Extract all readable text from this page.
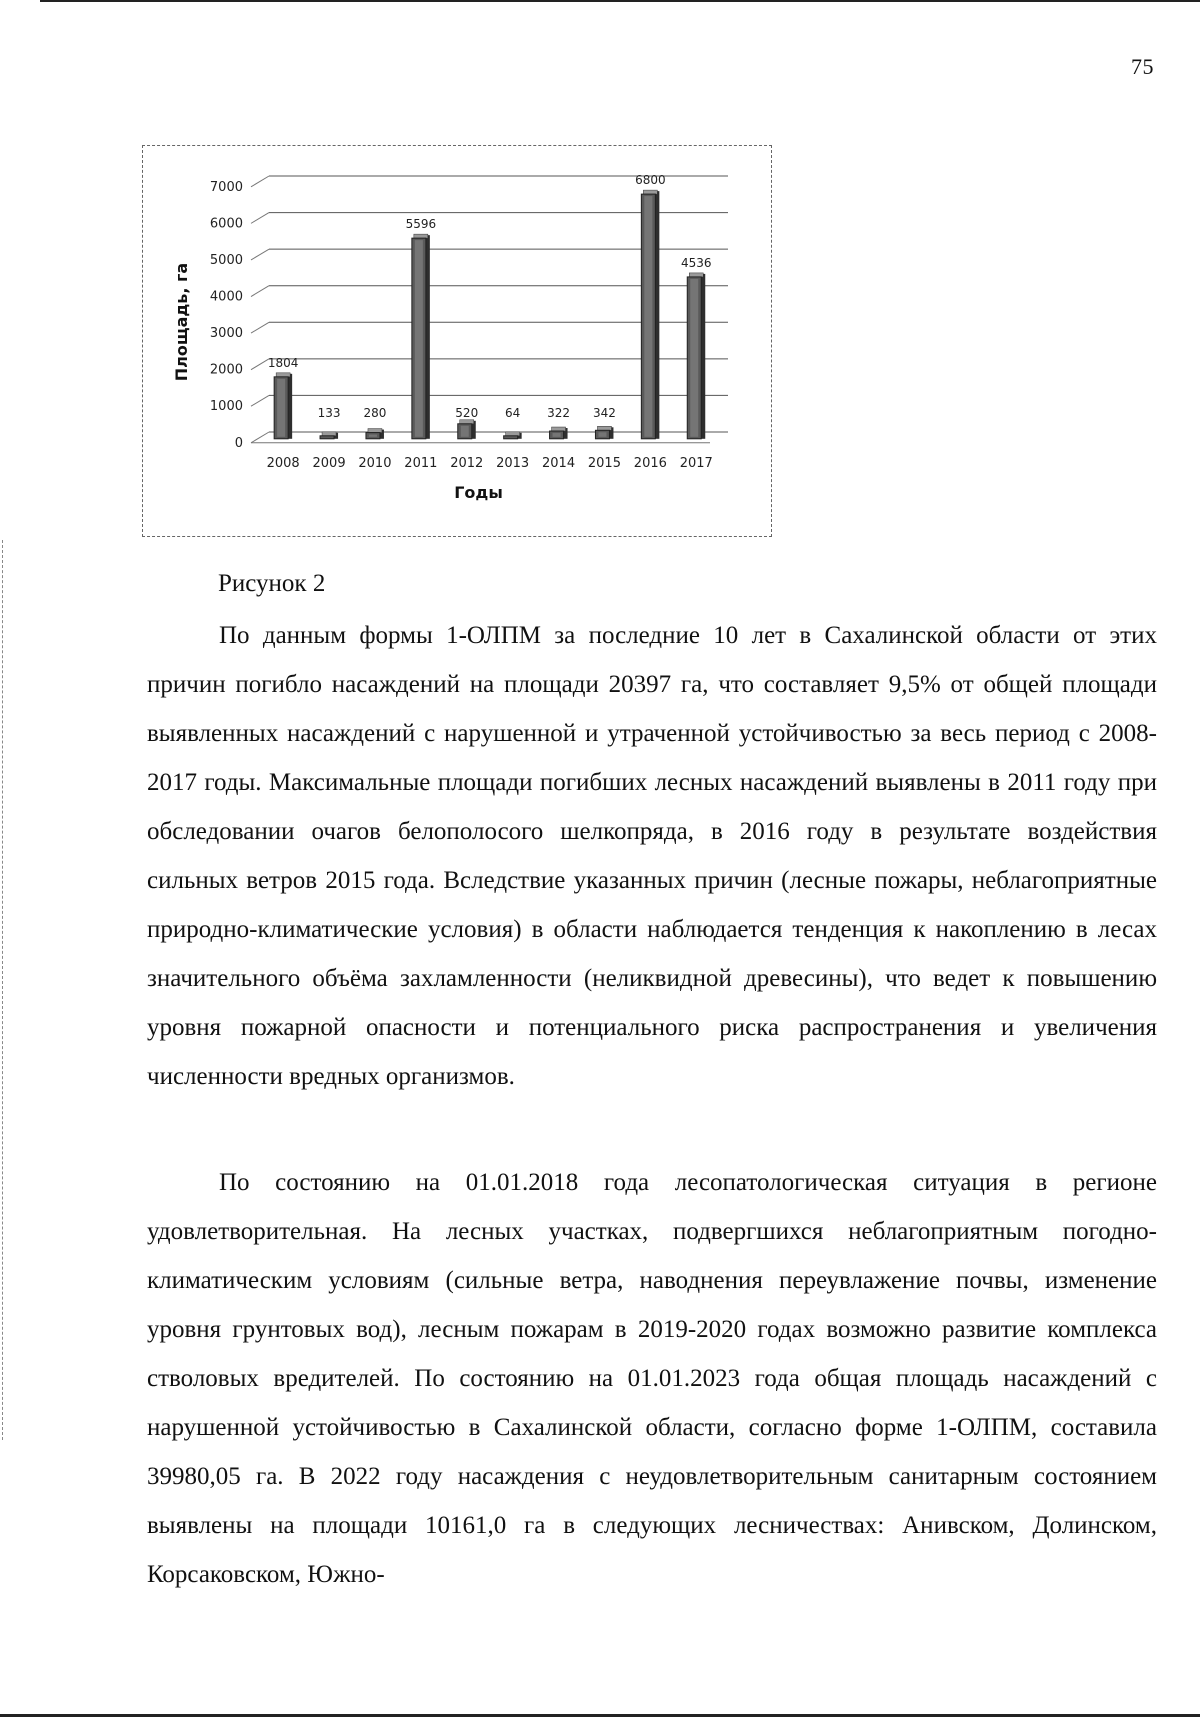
75
0
1000
2000
3000
4000
5000
6000
7000
1804
2008
133
2009
280
2010
5596
2011
520
2012
64
2013
322
2014
342
2015
6800
2016
4536
2017
Годы
Площадь, га
Рисунок 2

По данным формы 1-ОЛПМ за последние 10 лет в Сахалинской области от этих причин погибло насаждений на площади 20397 га, что составляет 9,5% от общей площади выявленных насаждений с нарушенной и утраченной устойчивостью за весь период с 2008-2017 годы. Максимальные площади погибших лесных насаждений выявлены в 2011 году при обследовании очагов белополосого шелкопряда, в 2016 году в результате воздействия сильных ветров 2015 года. Вследствие указанных причин (лесные пожары, неблагоприятные природно-климатические условия) в области наблюдается тенденция к накоплению в лесах значительного объёма захламленности (неликвидной древесины), что ведет к повышению уровня пожарной опасности и потенциального риска распространения и увеличения численности вредных организмов.

По состоянию на 01.01.2018 года лесопатологическая ситуация в регионе удовлетворительная. На лесных участках, подвергшихся неблагоприятным погодно-климатическим условиям (сильные ветра, наводнения переувлажение почвы, изменение уровня грунтовых вод), лесным пожарам в 2019-2020 годах возможно развитие комплекса стволовых вредителей. По состоянию на 01.01.2023 года общая площадь насаждений с нарушенной устойчивостью в Сахалинской области, согласно форме 1-ОЛПМ, составила 39980,05 га. В 2022 году насаждения с неудовлетворительным санитарным состоянием выявлены на площади 10161,0 га в следующих лесничествах: Анивском, Долинском, Корсаковском, Южно-
